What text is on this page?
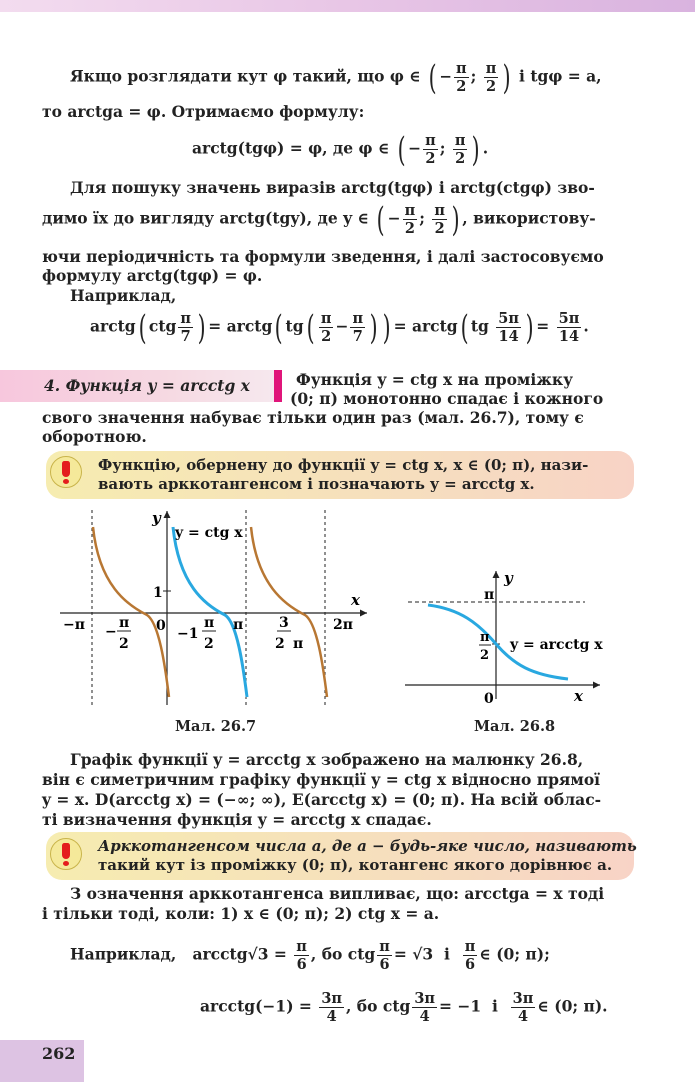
Якщо розглядати кут φ такий, що φ ∈ ( − $\frac{\pi}{2}$ ; $\frac{\pi}{2}$ ) і tgφ = a,
то arctga = φ. Отримаємо формулу:
arctg(tgφ) = φ, де φ ∈ ( − $\frac{\pi}{2}$ ; $\frac{\pi}{2}$ ) .
Для пошуку значень виразів arctg(tgφ) і arctg(ctgφ) зво-
димо їх до вигляду arctg(tgy), де y ∈ ( − $\frac{\pi}{2}$ ; $\frac{\pi}{2}$ ) , використову-
ючи періодичність та формули зведення, і далі застосовуємо
формулу arctg(tgφ) = φ.
Наприклад,
arctg( ctg $\frac{\pi}{7}$ ) = arctg( $tg( \frac{\pi}{2} - \frac{\pi}{7}$ ) ) = arctg( tg $\frac{5\pi}{14}$ ) = $\frac{5\pi}{14}$ .
4. Функція y = arcctg x	Функція y = ctg x на проміжку
(0; π) монотонно спадає і кожного
свого значення набуває тільки один раз (мал. 26.7), тому є
оборотною.
Функцію, обернену до функції y = ctg x, x ∈ (0; π), нази-
вають арккотангенсом і позначають y = arcctg x.
y
x
y = ctg x
1
0
−π
−1
π	2π
−
π
2
π
2
3
2 π
y
x
π
0
π
2
y = arcctg x
Мал. 26.7	Мал. 26.8
Графік функції y = arcctg x зображено на малюнку 26.8,
він є симетричним графіку функції y = ctg x відносно прямої
y = x. D(arcctg x) = (−∞; ∞), E(arcctg x) = (0; π). На всій облас-
ті визначення функція y = arcctg x спадає.
Арккотангенсом числа a, де a − будь-яке число, називають
такий кут із проміжку (0; π), котангенс якого дорівнює a.
З означення арккотангенса випливає, що: arcctga = x тоді
і тільки тоді, коли: 1) x ∈ (0; π); 2) ctg x = a.
Наприклад,   arcctg√3 = $\frac{\pi}{6}$ , бо ctg $\frac{\pi}{6} = √3$  і $\frac{\pi}{6}$ ∈ (0; π);
arcctg(−1) = $\frac{3\pi}{4}$ , бо ctg $\frac{3\pi}{4} = -1$  і $\frac{3\pi}{4}$ ∈ (0; π).
262
